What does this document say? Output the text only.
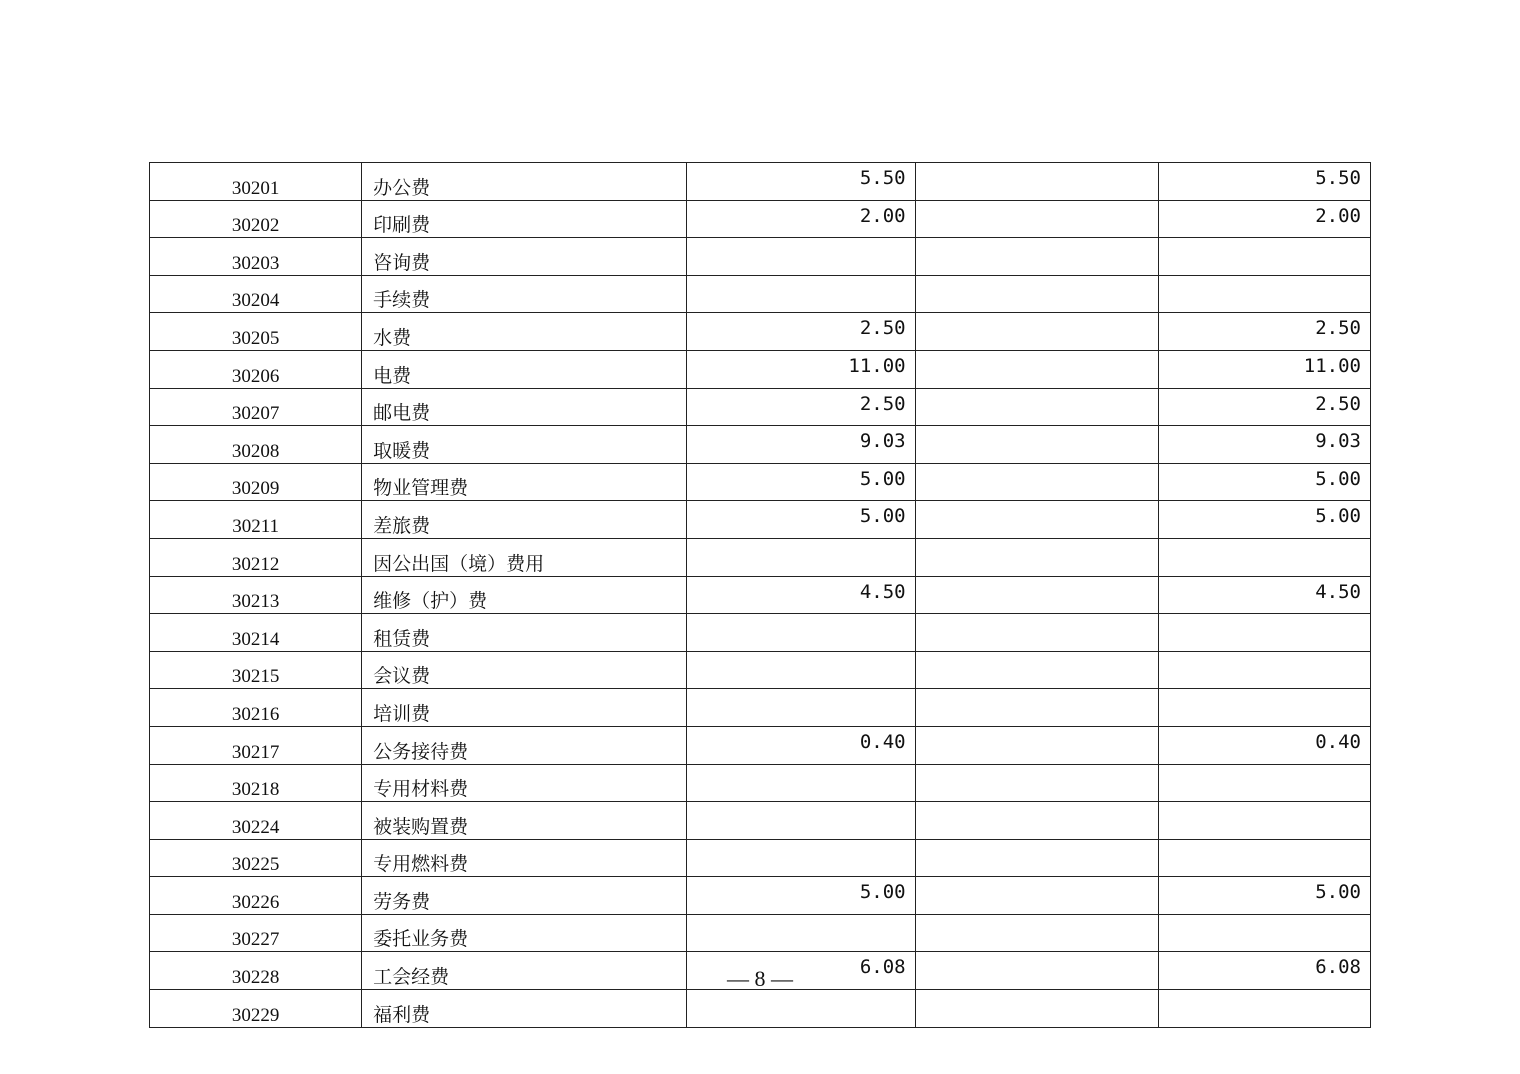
30201	办公费	5.50		5.50
30202	印刷费	2.00		2.00
30203	咨询费			
30204	手续费			
30205	水费	2.50		2.50
30206	电费	11.00		11.00
30207	邮电费	2.50		2.50
30208	取暖费	9.03		9.03
30209	物业管理费	5.00		5.00
30211	差旅费	5.00		5.00
30212	因公出国（境）费用			
30213	维修（护）费	4.50		4.50
30214	租赁费			
30215	会议费			
30216	培训费			
30217	公务接待费	0.40		0.40
30218	专用材料费			
30224	被装购置费			
30225	专用燃料费			
30226	劳务费	5.00		5.00
30227	委托业务费			
30228	工会经费	6.08		6.08
30229	福利费			
— 8 —
